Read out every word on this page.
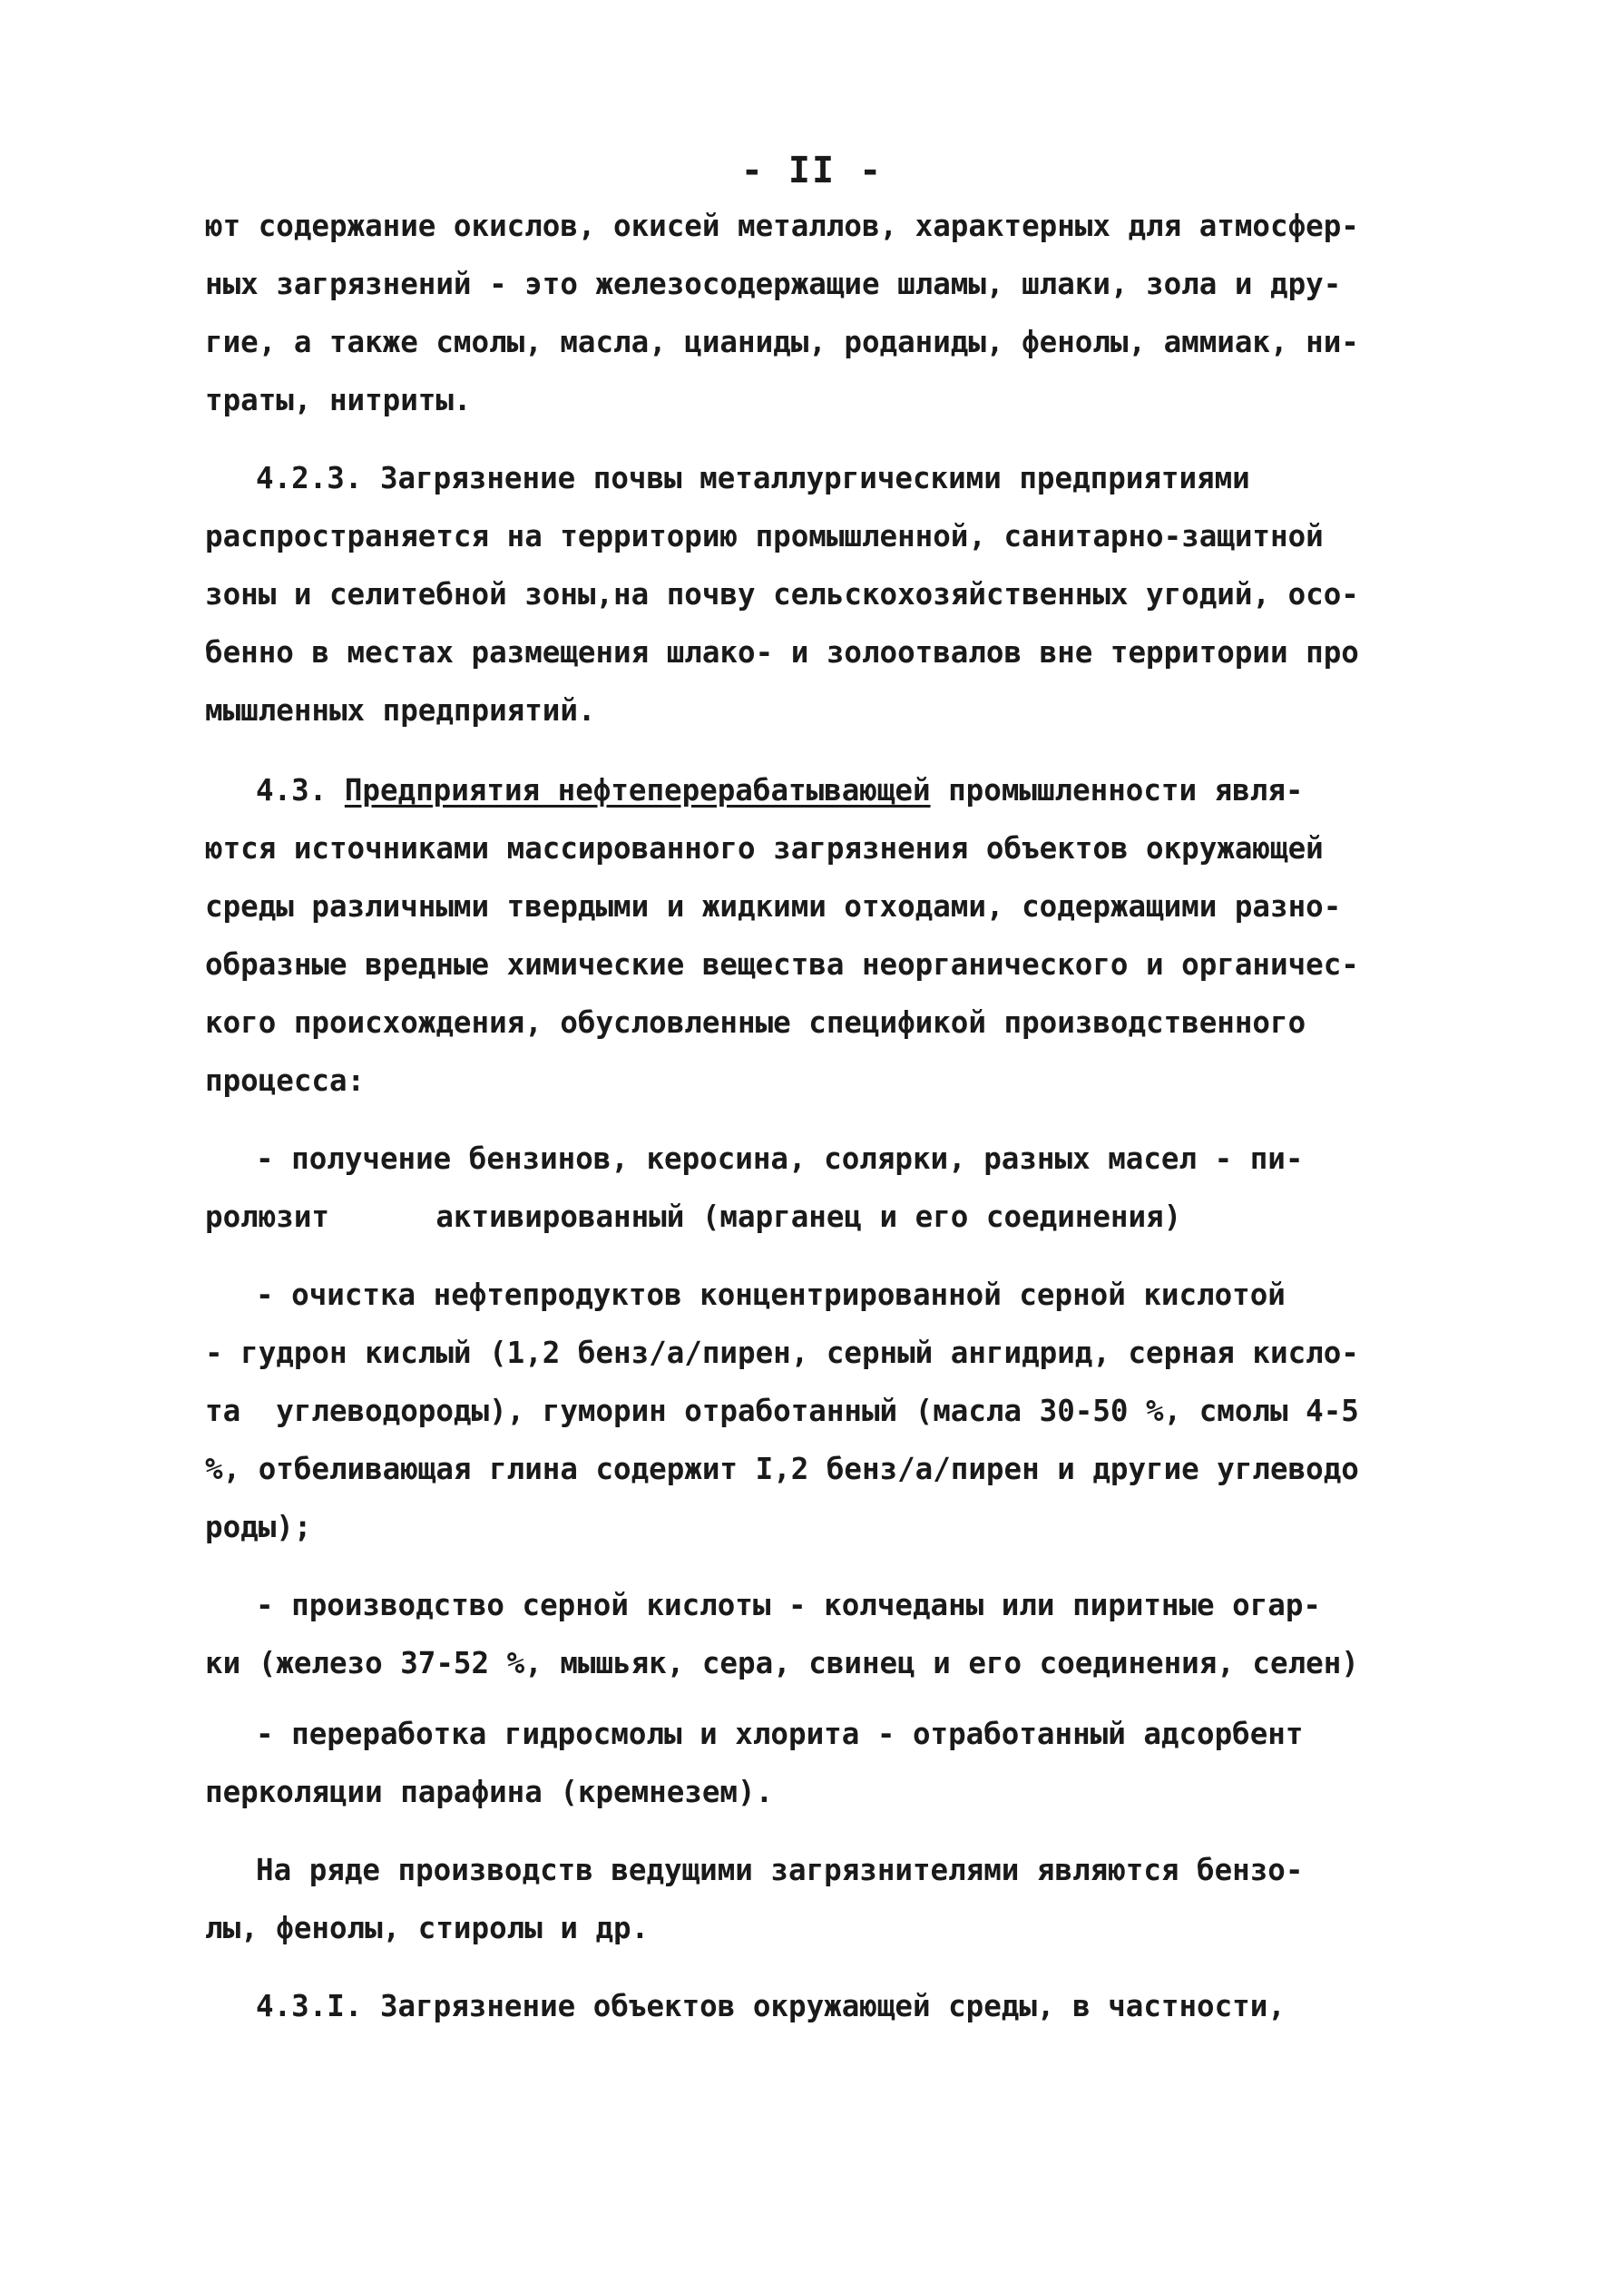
- II -
ют содержание окислов, окисей металлов, характерных для атмосфер-
ных загрязнений - это железосодержащие шламы, шлаки, зола и дру-
гие, а также смолы, масла, цианиды, роданиды, фенолы, аммиак, ни-
траты, нитриты.
4.2.3. Загрязнение почвы металлургическими предприятиями
распространяется на территорию промышленной, санитарно-защитной
зоны и селитебной зоны,на почву сельскохозяйственных угодий, осо-
бенно в местах размещения шлако- и золоотвалов вне территории про
мышленных предприятий.
4.3. Предприятия нефтеперерабатывающей промышленности явля-
ются источниками массированного загрязнения объектов окружающей
среды различными твердыми и жидкими отходами, содержащими разно-
образные вредные химические вещества неорганического и органичес-
кого происхождения, обусловленные спецификой производственного
процесса:
- получение бензинов, керосина, солярки, разных масел - пи-
ролюзит      активированный (марганец и его соединения)
- очистка нефтепродуктов концентрированной серной кислотой
- гудрон кислый (1,2 бенз/а/пирен, серный ангидрид, серная кисло-
та  углеводороды), гуморин отработанный (масла 30-50 %, смолы 4-5
%, отбеливающая глина содержит I,2 бенз/а/пирен и другие углеводо
роды);
- производство серной кислоты - колчеданы или пиритные огар-
ки (железо 37-52 %, мышьяк, сера, свинец и его соединения, селен)
- переработка гидросмолы и хлорита - отработанный адсорбент
перколяции парафина (кремнезем).
На ряде производств ведущими загрязнителями являются бензо-
лы, фенолы, стиролы и др.
4.3.I. Загрязнение объектов окружающей среды, в частности,
